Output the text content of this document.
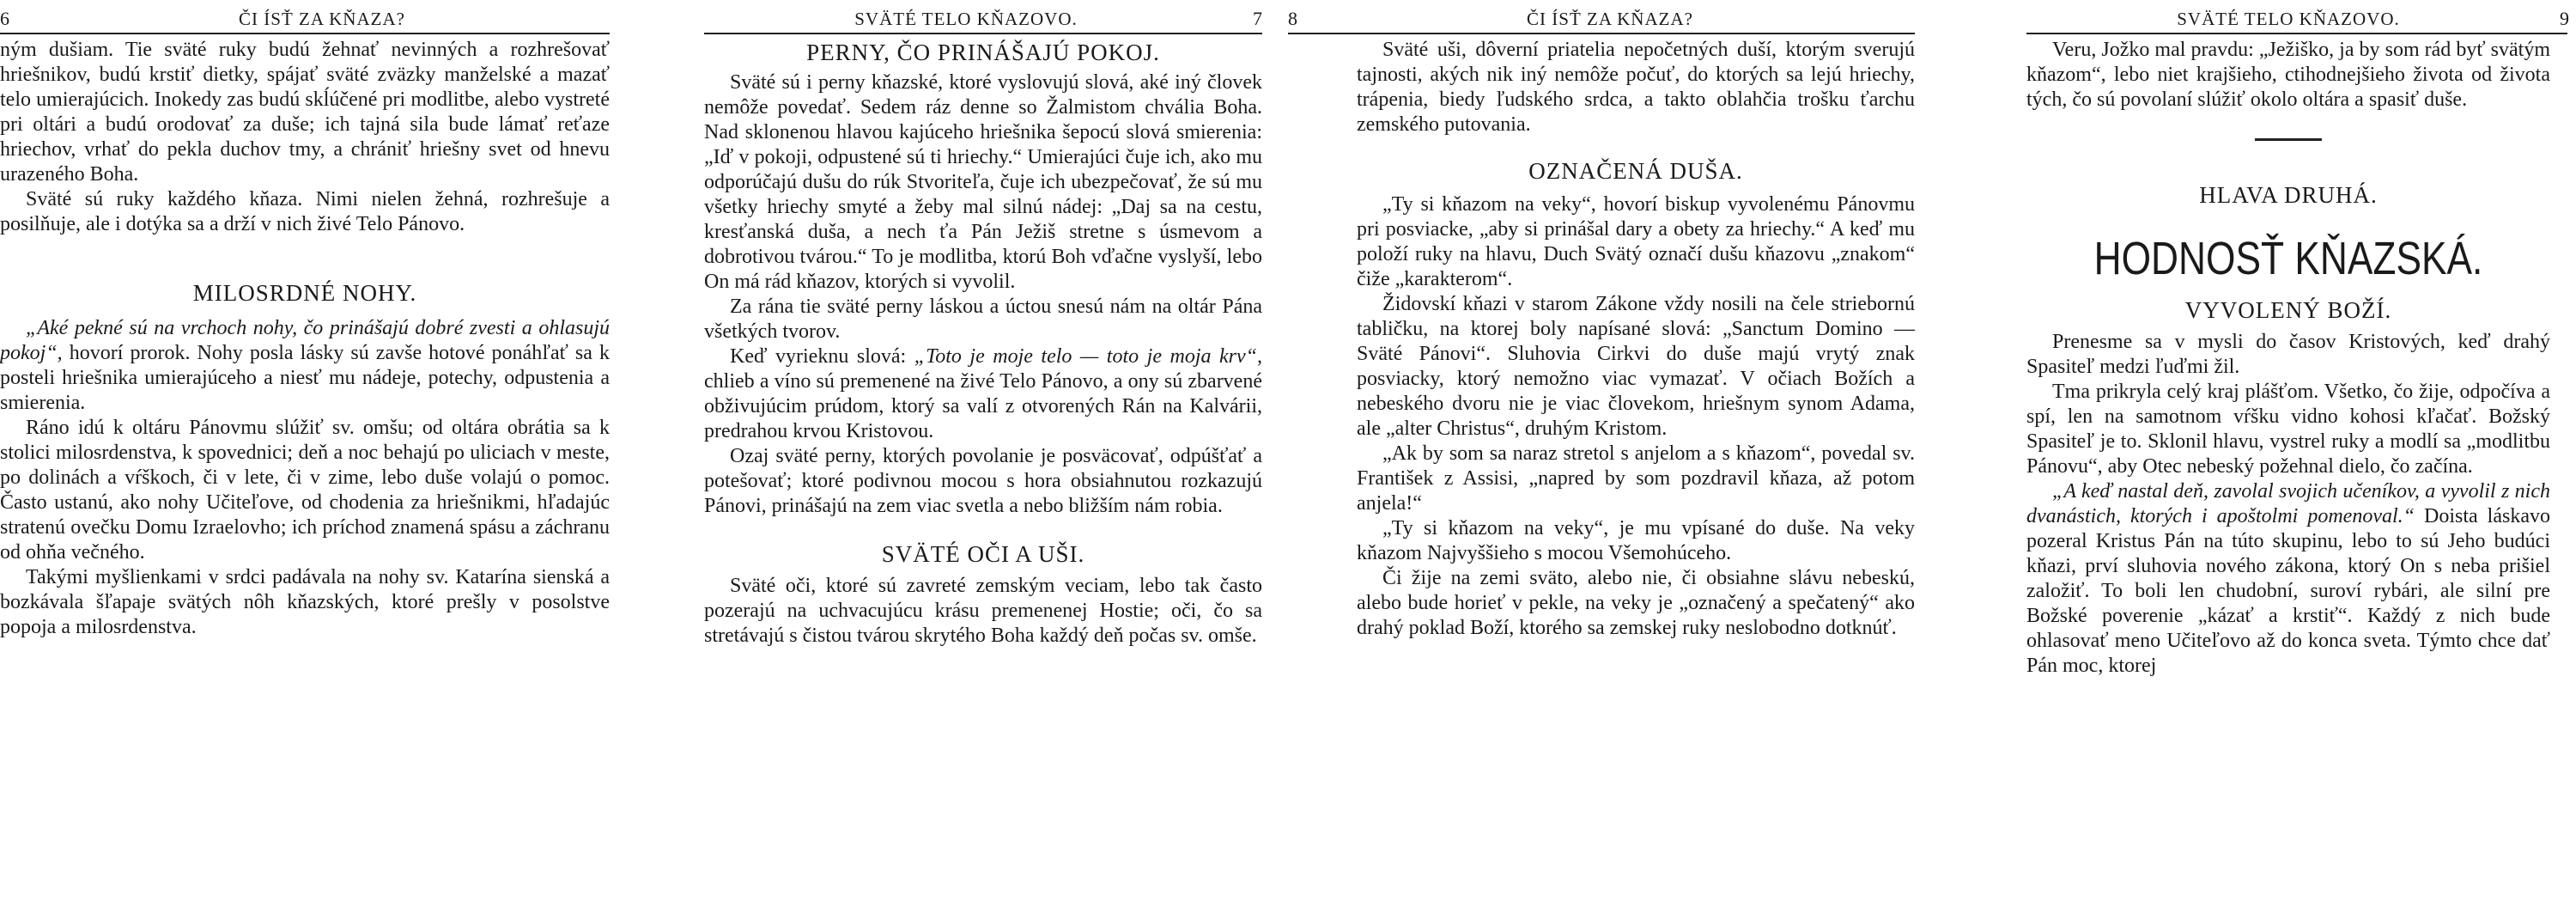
6	ČI ÍSŤ ZA KŇAZA?

ným dušiam. Tie sväté ruky budú žehnať nevinných a rozhrešovať hriešnikov, budú krstiť dietky, spájať sväté zväzky manželské a mazať telo umierajúcich. Inokedy zas budú skĺúčené pri modlitbe, alebo vystreté pri oltári a budú orodovať za duše; ich tajná sila bude lámať reťaze hriechov, vrhať do pekla duchov tmy, a chrániť hriešny svet od hnevu urazeného Boha.

Sväté sú ruky každého kňaza. Nimi nielen žehná, rozhrešuje a posilňuje, ale i dotýka sa a drží v nich živé Telo Pánovo.

MILOSRDNÉ NOHY.

„Aké pekné sú na vrchoch nohy, čo prinášajú dobré zvesti a ohlasujú pokoj“, hovorí prorok. Nohy posla lásky sú zavše hotové ponáhľať sa k posteli hriešnika umierajúceho a niesť mu nádeje, potechy, odpustenia a smierenia.

Ráno idú k oltáru Pánovmu slúžiť sv. omšu; od oltára obrátia sa k stolici milosrdenstva, k spovednici; deň a noc behajú po uliciach v meste, po dolinách a vŕškoch, či v lete, či v zime, lebo duše volajú o pomoc. Často ustanú, ako nohy Učiteľove, od chodenia za hriešnikmi, hľadajúc stratenú ovečku Domu Izraelovho; ich príchod znamená spásu a záchranu od ohňa večného.

Takými myšlienkami v srdci padávala na nohy sv. Katarína sienská a bozkávala šľapaje svätých nôh kňazských, ktoré prešly v posolstve popoja a milosrdenstva.

SVÄTÉ TELO KŇAZOVO.	7
PERNY, ČO PRINÁŠAJÚ POKOJ.

Sväté sú i perny kňazské, ktoré vyslovujú slová, aké iný človek nemôže povedať. Sedem ráz denne so Žalmistom chvália Boha. Nad sklonenou hlavou kajúceho hriešnika šepocú slová smierenia: „Iď v pokoji, odpustené sú ti hriechy.“ Umierajúci čuje ich, ako mu odporúčajú dušu do rúk Stvoriteľa, čuje ich ubezpečovať, že sú mu všetky hriechy smyté a žeby mal silnú nádej: „Daj sa na cestu, kresťanská duša, a nech ťa Pán Ježiš stretne s úsmevom a dobrotivou tvárou.“ To je modlitba, ktorú Boh vďačne vyslyší, lebo On má rád kňazov, ktorých si vyvolil.

Za rána tie sväté perny láskou a úctou snesú nám na oltár Pána všetkých tvorov.

Keď vyrieknu slová: „Toto je moje telo — toto je moja krv“, chlieb a víno sú premenené na živé Telo Pánovo, a ony sú zbarvené obživujúcim prúdom, ktorý sa valí z otvorených Rán na Kalvárii, predrahou krvou Kristovou.

Ozaj sväté perny, ktorých povolanie je posväcovať, odpúšťať a potešovať; ktoré podivnou mocou s hora obsiahnutou rozkazujú Pánovi, prinášajú na zem viac svetla a nebo bližším nám robia.

SVÄTÉ OČI A UŠI.

Sväté oči, ktoré sú zavreté zemským veciam, lebo tak často pozerajú na uchvacujúcu krásu premenenej Hostie; oči, čo sa stretávajú s čistou tvárou skrytého Boha každý deň počas sv. omše.

8	ČI ÍSŤ ZA KŇAZA?

Sväté uši, dôverní priatelia nepočetných duší, ktorým sverujú tajnosti, akých nik iný nemôže počuť, do ktorých sa lejú hriechy, trápenia, biedy ľudského srdca, a takto oblahčia trošku ťarchu zemského putovania.

OZNAČENÁ DUŠA.

„Ty si kňazom na veky“, hovorí biskup vyvolenému Pánovmu pri posviacke, „aby si prinášal dary a obety za hriechy.“ A keď mu položí ruky na hlavu, Duch Svätý označí dušu kňazovu „znakom“ čiže „karakterom“.

Židovskí kňazi v starom Zákone vždy nosili na čele striebornú tabličku, na ktorej boly napísané slová: „Sanctum Domino — Sväté Pánovi“. Sluhovia Cirkvi do duše majú vrytý znak posviacky, ktorý nemožno viac vymazať. V očiach Božích a nebeského dvoru nie je viac človekom, hriešnym synom Adama, ale „alter Christus“, druhým Kristom.

„Ak by som sa naraz stretol s anjelom a s kňazom“, povedal sv. František z Assisi, „napred by som pozdravil kňaza, až potom anjela!“

„Ty si kňazom na veky“, je mu vpísané do duše. Na veky kňazom Najvyššieho s mocou Všemohúceho.

Či žije na zemi sväto, alebo nie, či obsiahne slávu nebeskú, alebo bude horieť v pekle, na veky je „označený a spečatený“ ako drahý poklad Boží, ktorého sa zemskej ruky neslobodno dotknúť.

SVÄTÉ TELO KŇAZOVO.	9

Veru, Jožko mal pravdu: „Ježiško, ja by som rád byť svätým kňazom“, lebo niet krajšieho, ctihodnejšieho života od života tých, čo sú povolaní slúžiť okolo oltára a spasiť duše.

HLAVA DRUHÁ.
HODNOSŤ KŇAZSKÁ.
VYVOLENÝ BOŽÍ.

Prenesme sa v mysli do časov Kristových, keď drahý Spasiteľ medzi ľuďmi žil.

Tma prikryla celý kraj plášťom. Všetko, čo žije, odpočíva a spí, len na samotnom vŕšku vidno kohosi kľačať. Božský Spasiteľ je to. Sklonil hlavu, vystrel ruky a modlí sa „modlitbu Pánovu“, aby Otec nebeský požehnal dielo, čo začína.

„A keď nastal deň, zavolal svojich učeníkov, a vyvolil z nich dvanástich, ktorých i apoštolmi pomenoval.“ Doista láskavo pozeral Kristus Pán na túto skupinu, lebo to sú Jeho budúci kňazi, prví sluhovia nového zákona, ktorý On s neba prišiel založiť. To boli len chudobní, suroví rybári, ale silní pre Božské poverenie „kázať a krstiť“. Každý z nich bude ohlasovať meno Učiteľovo až do konca sveta. Týmto chce dať Pán moc, ktorej
